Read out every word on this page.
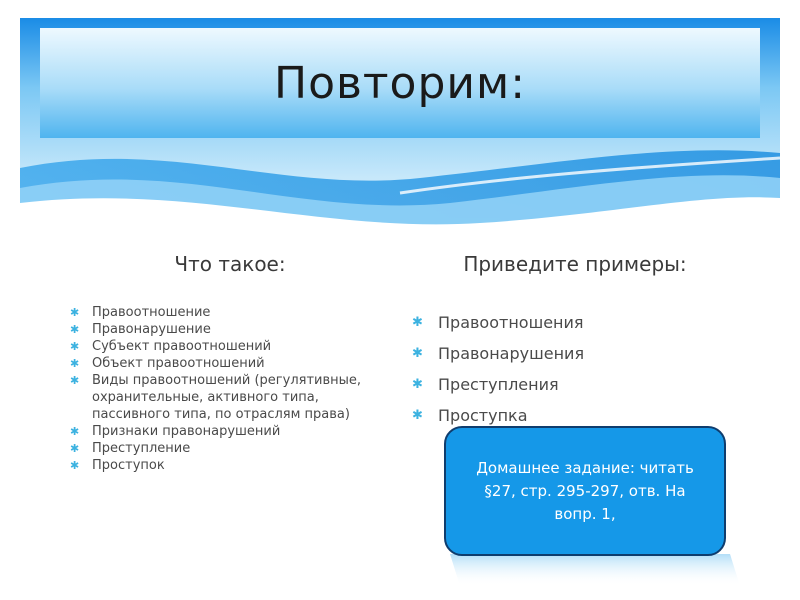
Повторим:
Что такое:	Приведите примеры:
✱ Правоотношение
✱ Правонарушение
✱ Субъект правоотношений
✱ Объект правоотношений
✱ Виды правоотношений (регулятивные, охранительные, активного типа, пассивного типа, по отраслям права)
✱ Признаки правонарушений
✱ Преступление
✱ Проступок
✱ Правоотношения
✱ Правонарушения
✱ Преступления
✱ Проступка
Домашнее задание: читать §27, стр. 295-297, отв. На вопр. 1,
